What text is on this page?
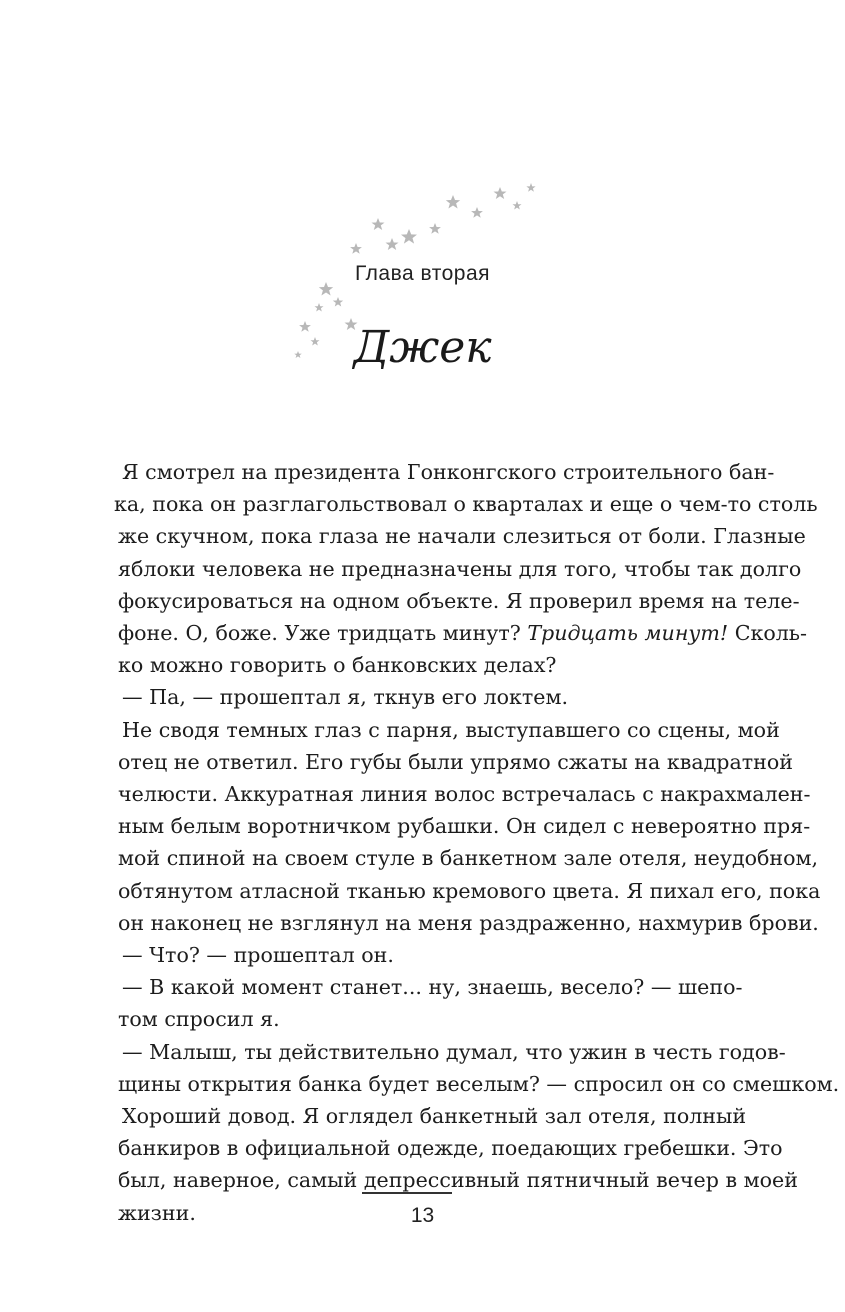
Глава вторая
Джек
Я смотрел на президента Гонконгского строительного бан-
ка, пока он разглагольствовал о кварталах и еще о чем-то столь
же скучном, пока глаза не начали слезиться от боли. Глазные
яблоки человека не предназначены для того, чтобы так долго
фокусироваться на одном объекте. Я проверил время на теле-
фоне. О, боже. Уже тридцать минут? Тридцать минут! Сколь-
ко можно говорить о банковских делах?
— Па, — прошептал я, ткнув его локтем.
Не сводя темных глаз с парня, выступавшего со сцены, мой
отец не ответил. Его губы были упрямо сжаты на квадратной
челюсти. Аккуратная линия волос встречалась с накрахмален-
ным белым воротничком рубашки. Он сидел с невероятно пря-
мой спиной на своем стуле в банкетном зале отеля, неудобном,
обтянутом атласной тканью кремового цвета. Я пихал его, пока
он наконец не взглянул на меня раздраженно, нахмурив брови.
— Что? — прошептал он.
— В какой момент станет... ну, знаешь, весело? — шепо-
том спросил я.
— Малыш, ты действительно думал, что ужин в честь годов-
щины открытия банка будет веселым? — спросил он со смешком.
Хороший довод. Я оглядел банкетный зал отеля, полный
банкиров в официальной одежде, поедающих гребешки. Это
был, наверное, самый депрессивный пятничный вечер в моей
жизни.	13
